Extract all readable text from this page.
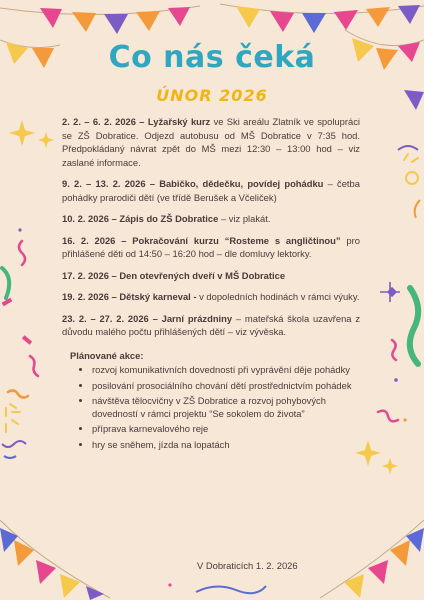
Co nás čeká
ÚNOR 2026

2. 2. – 6. 2. 2026 – Lyžařský kurz ve Ski areálu Zlatník ve spolupráci se ZŠ Dobratice. Odjezd autobusu od MŠ Dobratice v 7:35 hod. Předpokládaný návrat zpět do MŠ mezi 12:30 – 13:00 hod – viz zaslané informace.

9. 2. – 13. 2. 2026 – Babičko, dědečku, povídej pohádku – četba pohádky prarodiči dětí (ve třídě Berušek a Včeliček)

10. 2. 2026 – Zápis do ZŠ Dobratice – viz plakát.

16. 2. 2026 – Pokračování kurzu “Rosteme s angličtinou” pro přihlášené děti od 14:50 – 16:20 hod – dle domluvy lektorky.

17. 2. 2026 – Den otevřených dveří v MŠ Dobratice

19. 2. 2026 – Dětský karneval - v dopoledních hodinách v rámci výuky.

23. 2. – 27. 2. 2026 – Jarní prázdniny – mateřská škola uzavřena z důvodu malého počtu přihlášených dětí – viz vývěska.

Plánované akce:

• rozvoj komunikativních dovedností při vyprávění děje pohádky
• posilování prosociálního chování dětí prostřednictvím pohádek
• návštěva tělocvičny v ZŠ Dobratice a rozvoj pohybových dovedností v rámci projektu “Se sokolem do života”
• příprava karnevalového reje
• hry se sněhem, jízda na lopatách
V Dobraticích 1. 2. 2026
